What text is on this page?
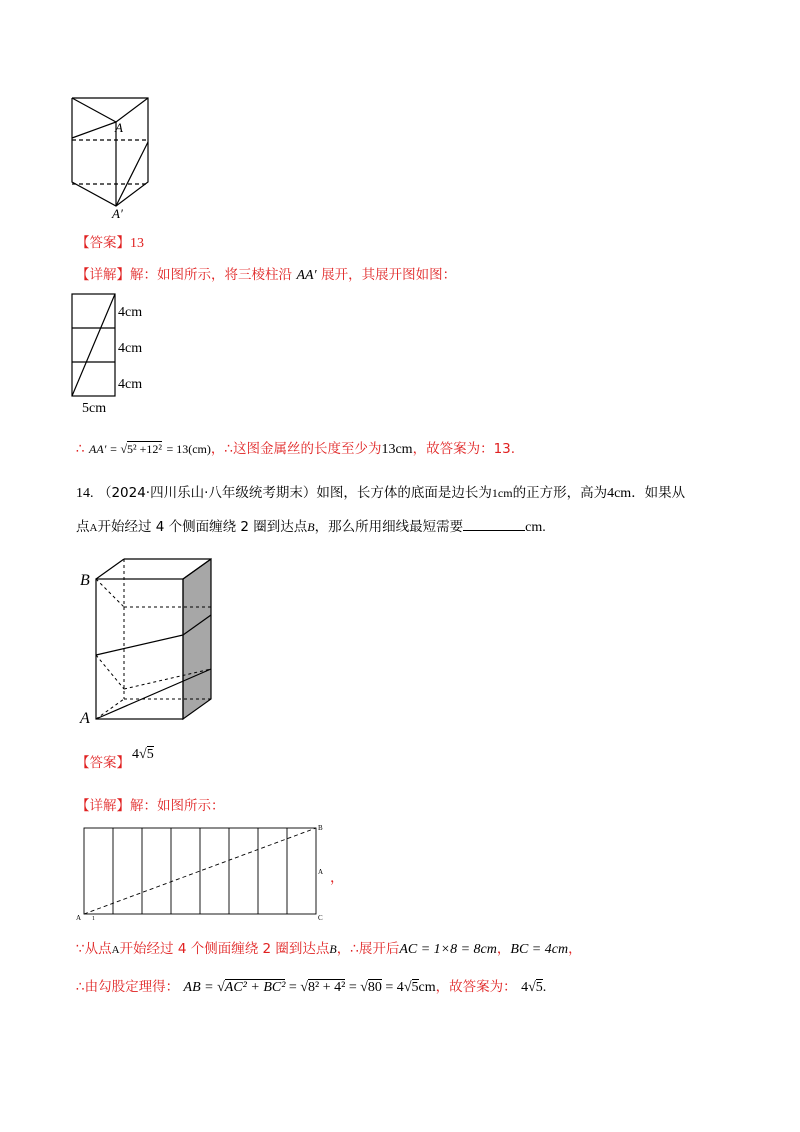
A
A′
【答案】13
【详解】解：如图所示，将三棱柱沿 AA′ 展开，其展开图如图：
4cm
4cm
4cm
5cm
∴ AA′ = √5² +12² = 13(cm)，∴这图金属丝的长度至少为13cm，故答案为：13.
14. （2024·四川乐山·八年级统考期末）如图，长方体的底面是边长为1cm的正方形，高为4cm．如果从
点A开始经过 4 个侧面缠绕 2 圈到达点B，那么所用细线最短需要	cm.
B
A
【答案】
4√5
【详解】解：如图所示：
A 1
B
C
A ，
∵从点A开始经过 4 个侧面缠绕 2 圈到达点B，∴展开后AC = 1×8 = 8cm，BC = 4cm，
∴由勾股定理得： AB = √AC² + BC² = √8² + 4² = √80 = 4√5cm，故答案为： 4√5.
